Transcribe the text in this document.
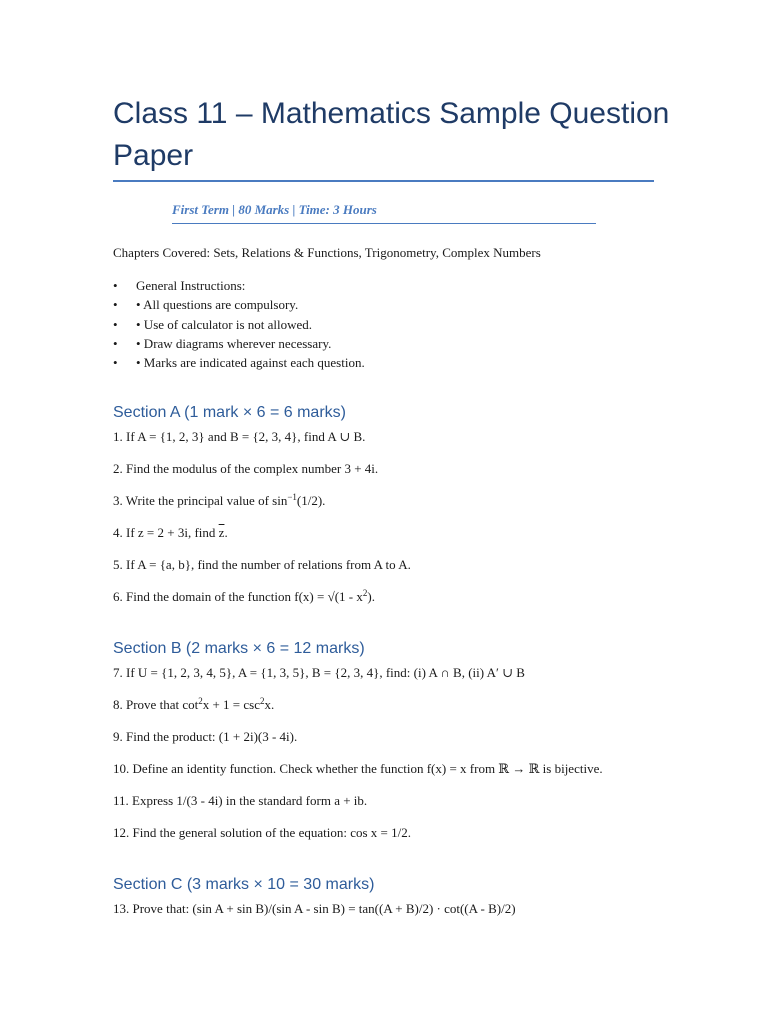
Class 11 – Mathematics Sample Question Paper
First Term | 80 Marks | Time: 3 Hours
Chapters Covered: Sets, Relations & Functions, Trigonometry, Complex Numbers
• General Instructions:
• • All questions are compulsory.
• • Use of calculator is not allowed.
• • Draw diagrams wherever necessary.
• • Marks are indicated against each question.
Section A (1 mark × 6 = 6 marks)
1. If A = {1, 2, 3} and B = {2, 3, 4}, find A ∪ B.
2. Find the modulus of the complex number 3 + 4i.
3. Write the principal value of $\sin^{-1}(1/2)$.
4. If z = 2 + 3i, find $\overline{z}$.
5. If A = {a, b}, find the number of relations from A to A.
6. Find the domain of the function $f(x) = √(1 - x^2)$.
Section B (2 marks × 6 = 12 marks)
7. If U = {1, 2, 3, 4, 5}, A = {1, 3, 5}, B = {2, 3, 4}, find: (i) A ∩ B, (ii) A′ ∪ B
8. Prove that $\cot^2x + 1 = \csc^2x$.
9. Find the product: (1 + 2i)(3 - 4i).
10. Define an identity function. Check whether the function f(x) = x from ℝ → ℝ is bijective.
11. Express 1/(3 - 4i) in the standard form a + ib.
12. Find the general solution of the equation: cos x = 1/2.
Section C (3 marks × 10 = 30 marks)
13. Prove that: (sin A + sin B)/(sin A - sin B) = tan((A + B)/2) · cot((A - B)/2)
